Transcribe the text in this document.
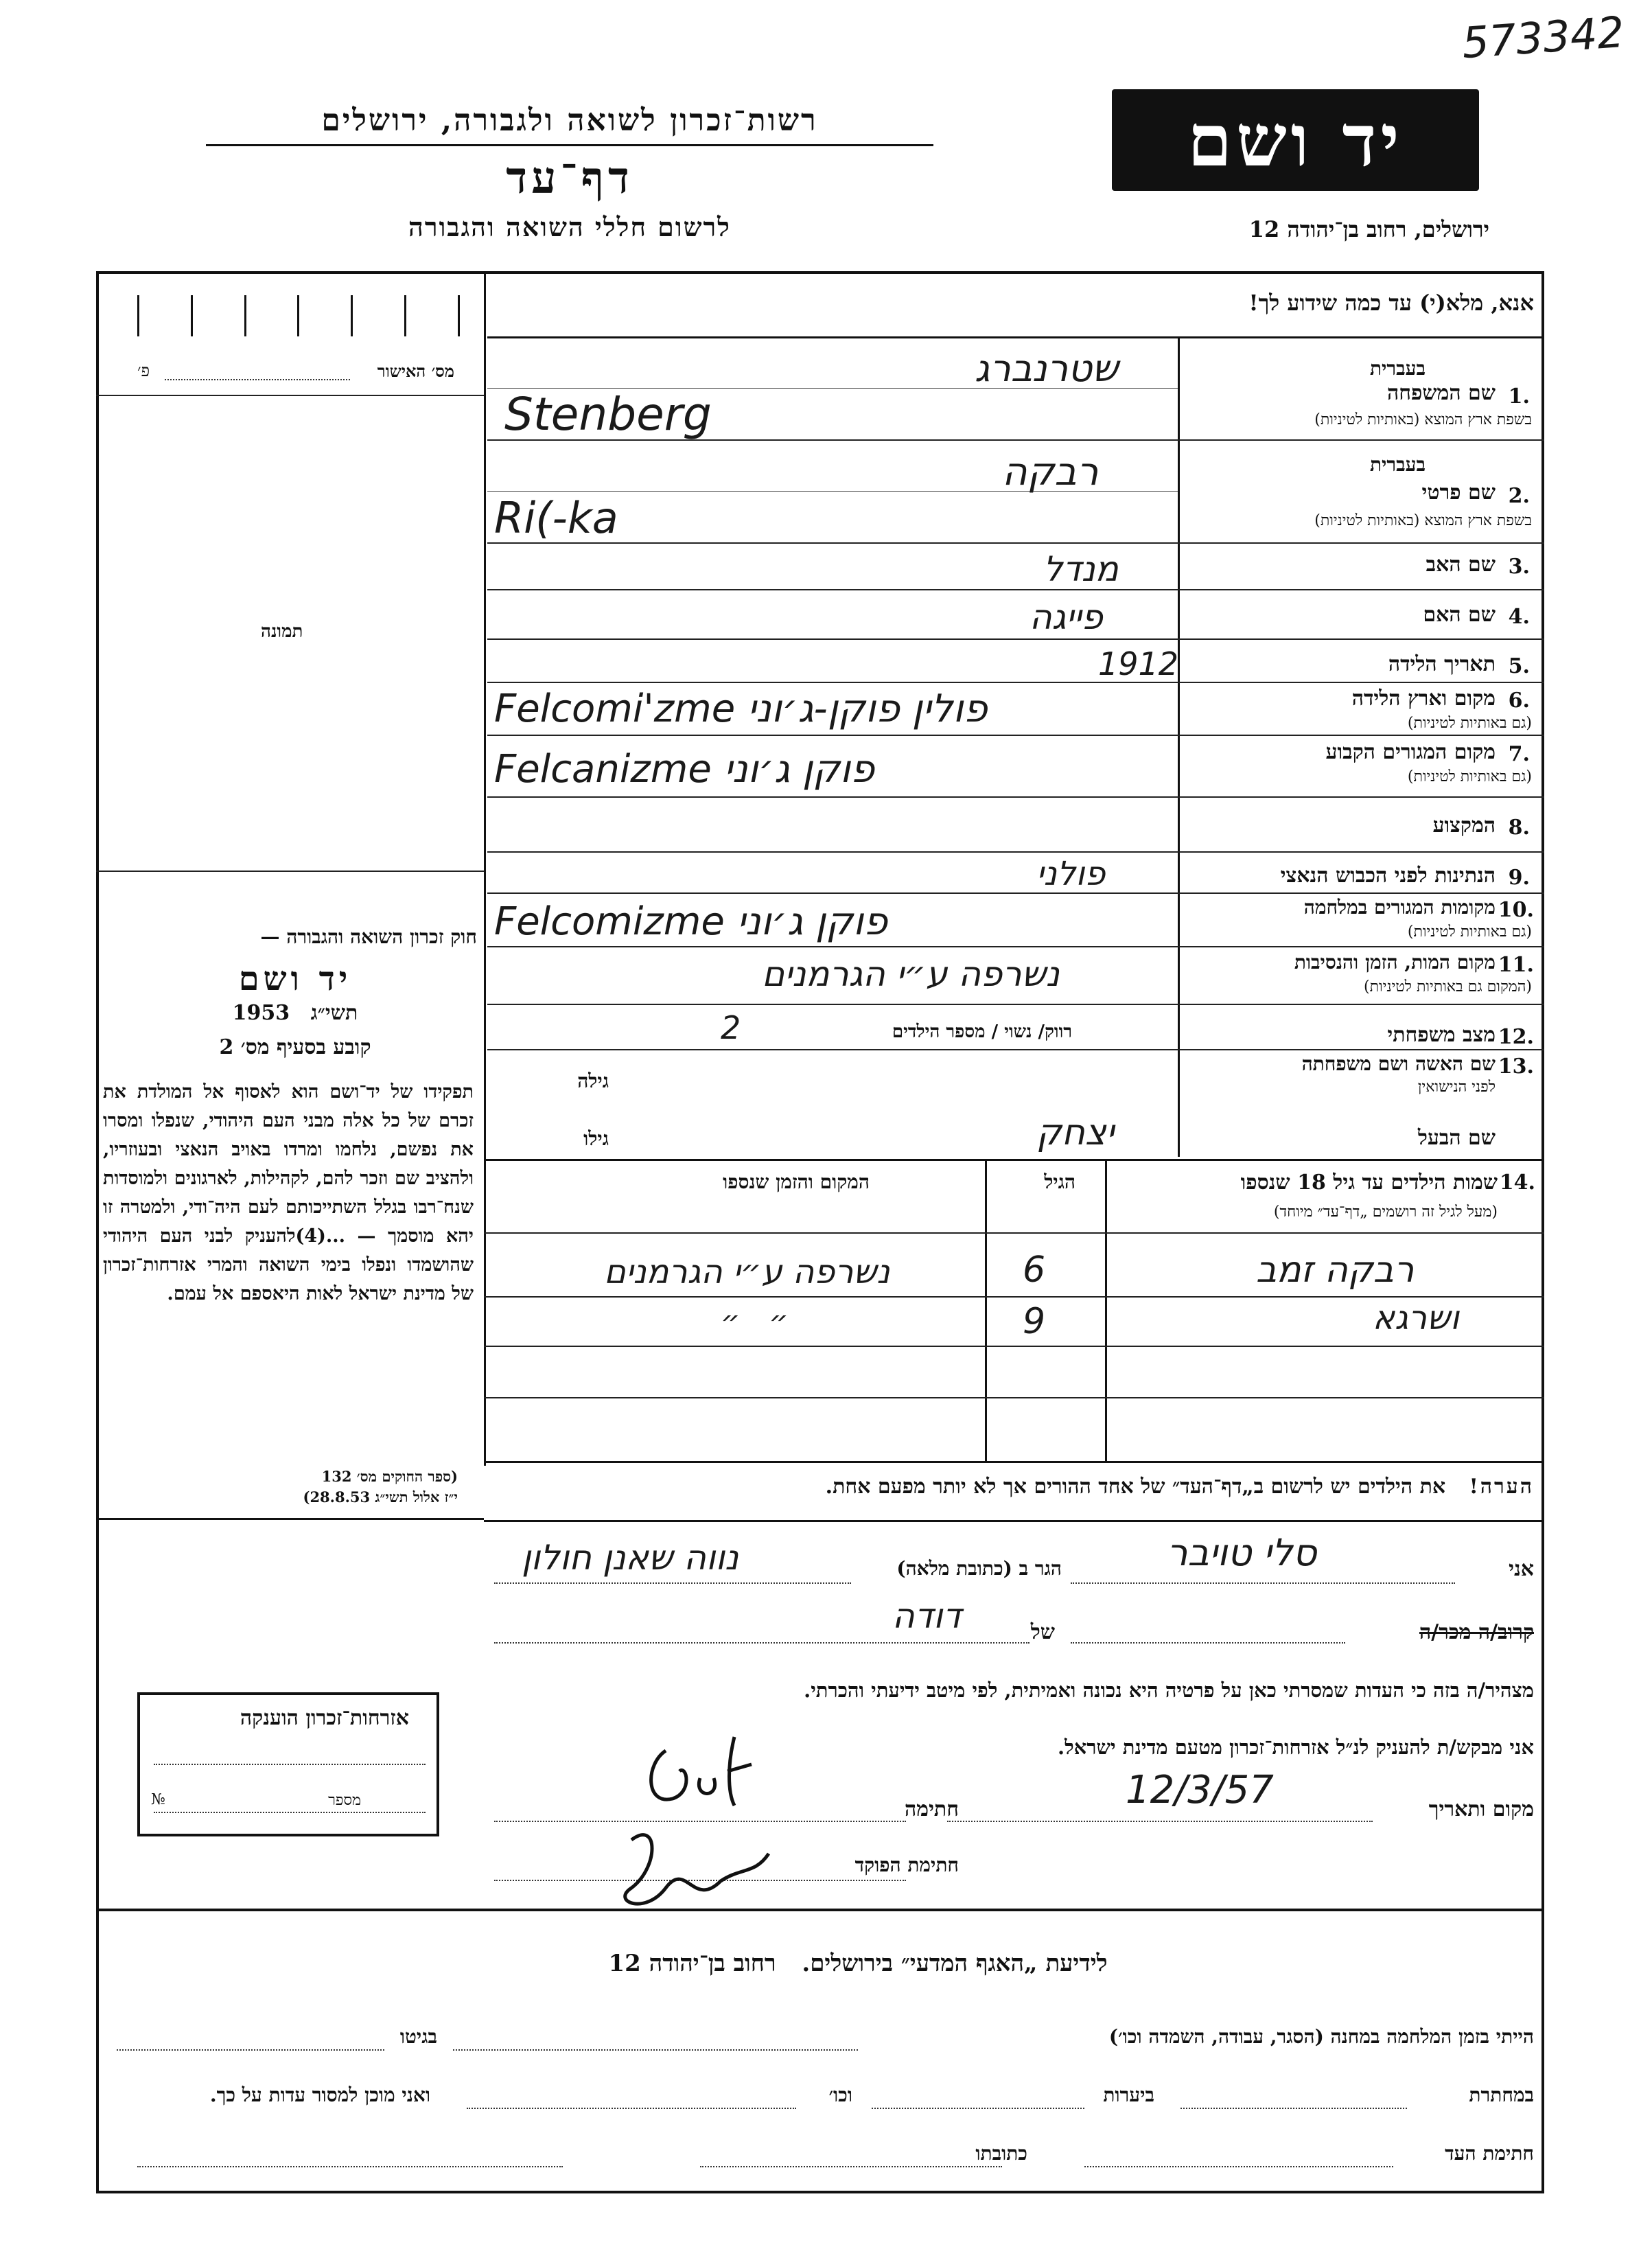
573342
רשות־זכרון לשואה ולגבורה, ירושלים
דף־עד
לרשום חללי השואה והגבורה
יד ושם
ירושלים, רחוב בן־יהודה 12
אנא, מלא(י) עד כמה שידוע לך!
מס׳ האישור
פ׳
תמונה
חוק זכרון השואה והגבורה —
יד ושם
תשי״ג 1953
קובע בסעיף מס׳ 2
תפקידו של יד־ושם הוא לאסוף אל המולדת את זכרם של כל אלה מבני העם היהודי, שנפלו ומסרו את נפשם, נלחמו ומרדו באויב הנאצי ובעוזריו, ולהציב שם וזכר להם, לקהילות, לארגונים ולמוסדות שנח־רבו בגלל השתייכותם לעם היה־ודי, ולמטרה זו יהא מוסמך — ...(4)להעניק לבני העם היהודי שהושמדו ונפלו בימי השואה והמרי אזרחות־זכרון של מדינת ישראל לאות היאספם אל עמם.
(ספר החוקים מס׳ 132
י״ז אלול תשי״ג 28.8.53)
בעברית
שם המשפחה 1.
בשפת ארץ המוצא (באותיות לטיניות)
בעברית
שם פרטי 2.
בשפת ארץ המוצא (באותיות לטיניות)
שם האב 3.
שם האם 4.
תאריך הלידה 5.
מקום וארץ הלידה 6.
(גם באותיות לטיניות)
מקום המגורים הקבוע 7.
(גם באותיות לטיניות)
המקצוע 8.
הנתינות לפני הכבוש הנאצי 9.
מקומות המגורים במלחמה 10.
(גם באותיות לטיניות)
מקום המות, הזמן והנסיבות 11.
(המקום גם באותיות לטיניות)
מצב משפחתי 12.
שם האשה ושם משפחתה 13.
לפני הנישואין
שם הבעל
שטרנברג
Stenberg
רבקה
Ri(-ka
מנדל
פייגה
1912
פולין פוקן-ג׳וני Felcomi'zme
פוקן ג׳וני Felcanizme
פולני
פוקן ג׳וני Felcomizme
נשרפה ע״י הגרמנים
רווק/ נשוי / מספר הילדים
2
גילה
גילו	יצחק
שמות הילדים עד גיל 18 שנספו 14.
(מעל לגיל זה רושמים „דף־עד״ מיוחד)
הגיל
המקום והזמן שנספו
רבקה זמב
6
נשרפה ע״י הגרמנים
ושרגא
9
״   ״
הערה! את הילדים יש לרשום ב„דף־העד״ של אחד ההורים אך לא יותר מפעם אחת.
אני
סלי טויבר
הגר ב (כתובת מלאה)
נווה שאנן חולון
קרוב/ה מכר/ה
של
דודה
מצהיר/ה בזה כי העדות שמסרתי כאן על פרטיה היא נכונה ואמיתית, לפי מיטב ידיעתי והכרתי.
אני מבקש/ת להעניק לנ״ל אזרחות־זכרון מטעם מדינת ישראל.
מקום ותאריך
12/3/57
חתימה
חתימת הפוקד
אזרחות־זכרון הוענקה
מספר
№
לידיעת „האגף המדעי״ בירושלים. רחוב בן־יהודה 12
הייתי בזמן המלחמה במחנה (הסגר, עבודה, השמדה וכו׳)
בגיטו
במחתרת
ביערות
וכו׳
ואני מוכן למסור עדות על כך.
חתימת העד
כתובתו
